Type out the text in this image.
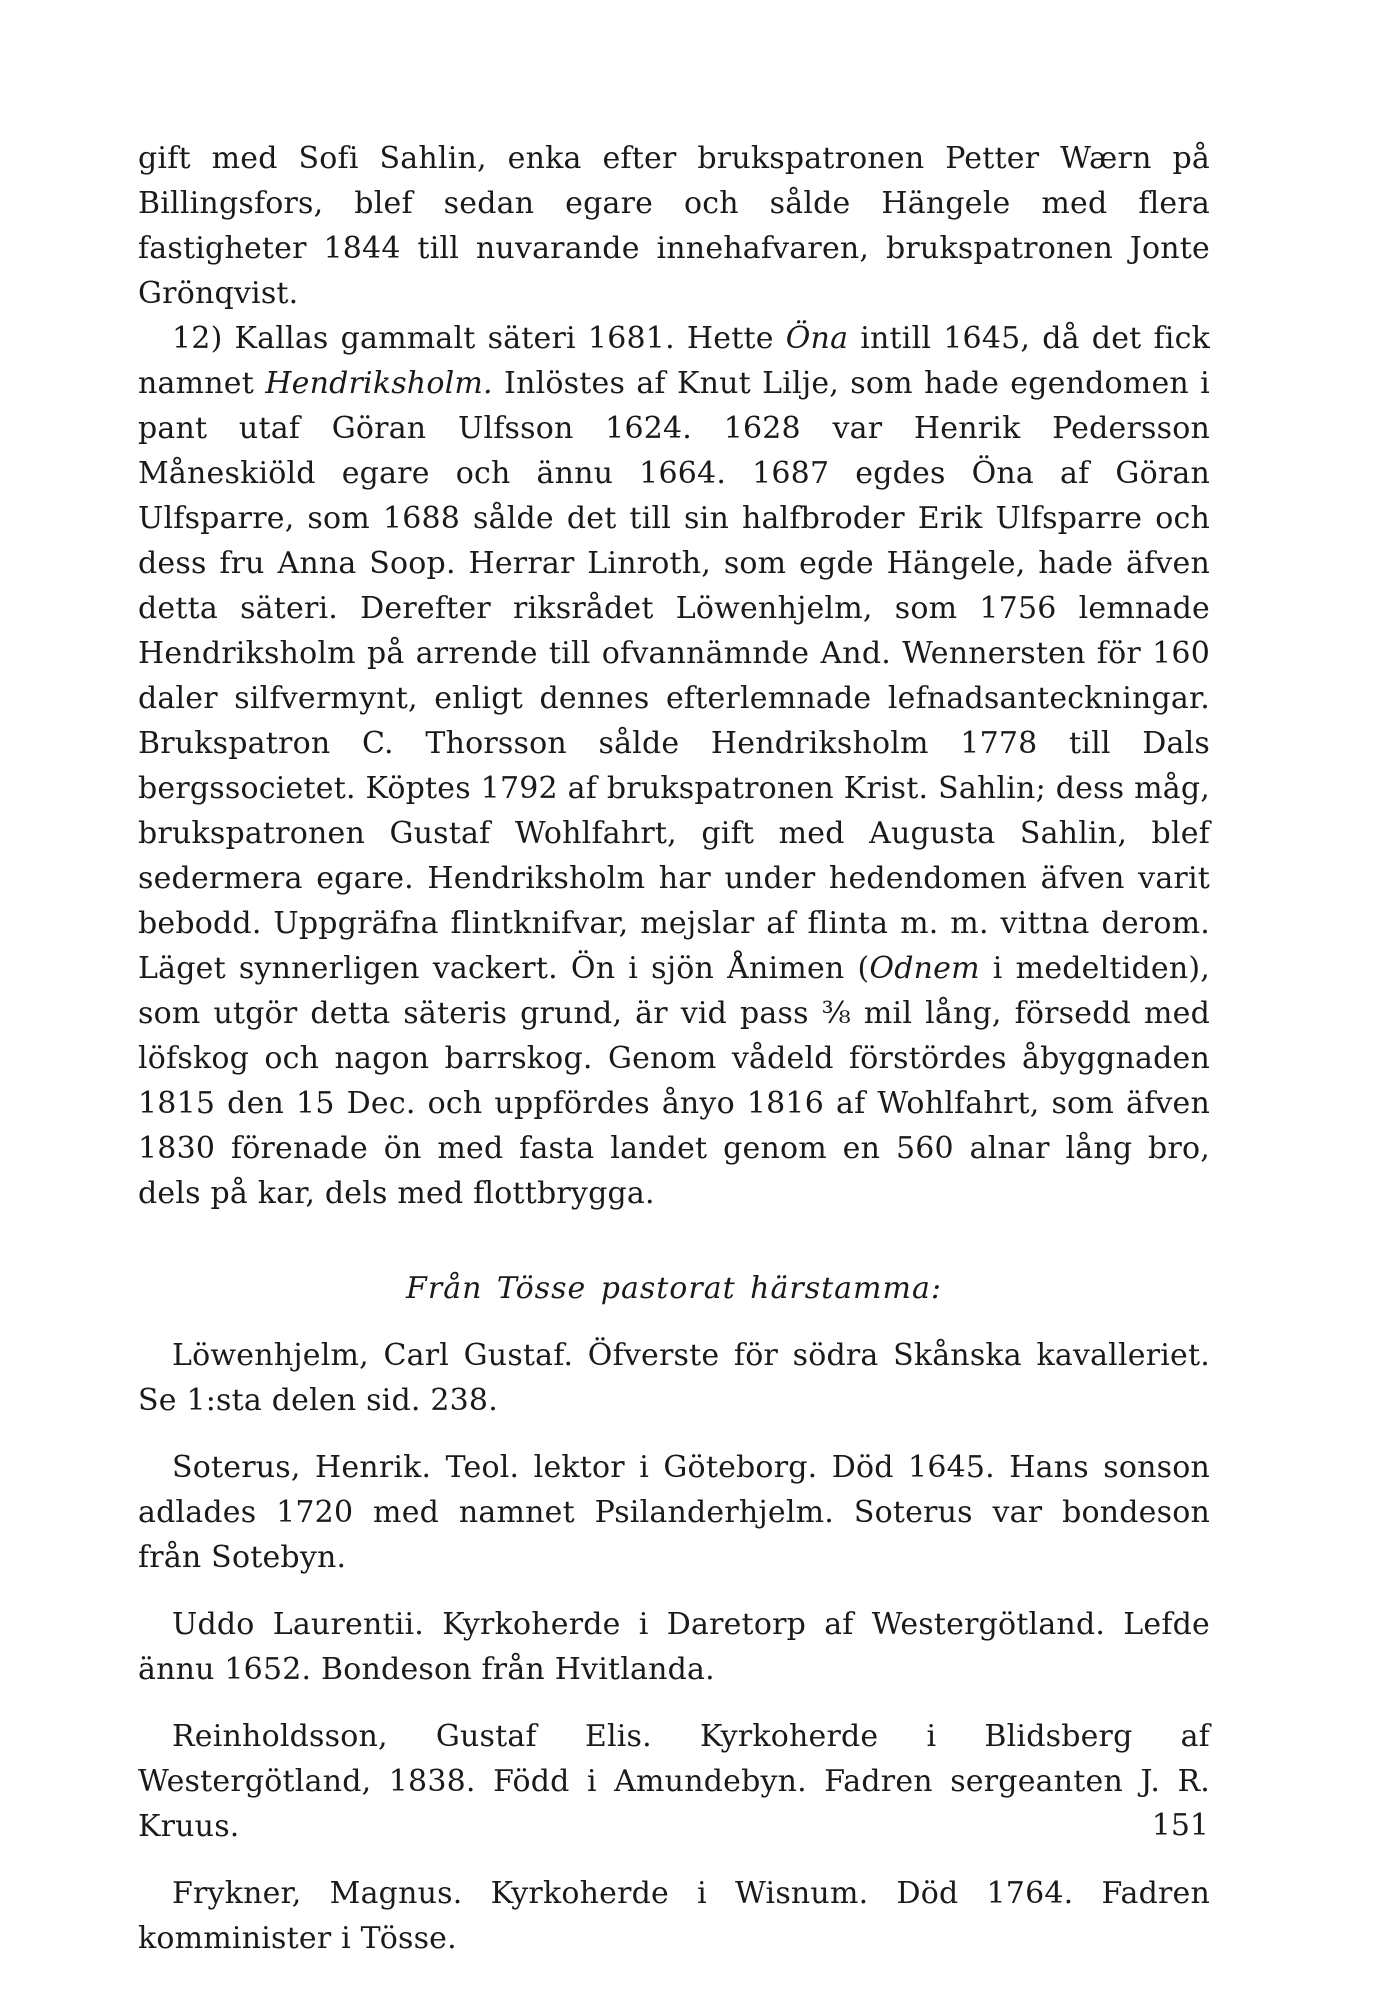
gift med Sofi Sahlin, enka efter brukspatronen Petter Wærn på Billingsfors, blef sedan egare och sålde Hängele med flera fastigheter 1844 till nuvarande innehafvaren, brukspatronen Jonte Grönqvist.

12) Kallas gammalt säteri 1681. Hette Öna intill 1645, då det fick namnet Hendriksholm. Inlöstes af Knut Lilje, som hade egendomen i pant utaf Göran Ulfsson 1624. 1628 var Henrik Pedersson Måneskiöld egare och ännu 1664. 1687 egdes Öna af Göran Ulfsparre, som 1688 sålde det till sin halfbroder Erik Ulfsparre och dess fru Anna Soop. Herrar Linroth, som egde Hängele, hade äfven detta säteri. Derefter riksrådet Löwenhjelm, som 1756 lemnade Hendriksholm på arrende till ofvannämnde And. Wennersten för 160 daler silfvermynt, enligt dennes efterlemnade lefnadsanteckningar. Brukspatron C. Thorsson sålde Hendriksholm 1778 till Dals bergssocietet. Köptes 1792 af brukspatronen Krist. Sahlin; dess måg, brukspatronen Gustaf Wohlfahrt, gift med Augusta Sahlin, blef sedermera egare. Hendriksholm har under hedendomen äfven varit bebodd. Uppgräfna flintknifvar, mejslar af flinta m. m. vittna derom. Läget synnerligen vackert. Ön i sjön Ånimen (Odnem i medeltiden), som utgör detta säteris grund, är vid pass ⅜ mil lång, försedd med löfskog och nagon barrskog. Genom vådeld förstördes åbyggnaden 1815 den 15 Dec. och uppfördes ånyo 1816 af Wohlfahrt, som äfven 1830 förenade ön med fasta landet genom en 560 alnar lång bro, dels på kar, dels med flottbrygga.

Från Tösse pastorat härstamma:

Löwenhjelm, Carl Gustaf. Öfverste för södra Skånska kavalleriet. Se 1:sta delen sid. 238.

Soterus, Henrik. Teol. lektor i Göteborg. Död 1645. Hans sonson adlades 1720 med namnet Psilanderhjelm. Soterus var bondeson från Sotebyn.

Uddo Laurentii. Kyrkoherde i Daretorp af Westergötland. Lefde ännu 1652. Bondeson från Hvitlanda.

Reinholdsson, Gustaf Elis. Kyrkoherde i Blidsberg af Westergötland, 1838. Född i Amundebyn. Fadren sergeanten J. R. Kruus.

Frykner, Magnus. Kyrkoherde i Wisnum. Död 1764. Fadren komminister i Tösse.

151
